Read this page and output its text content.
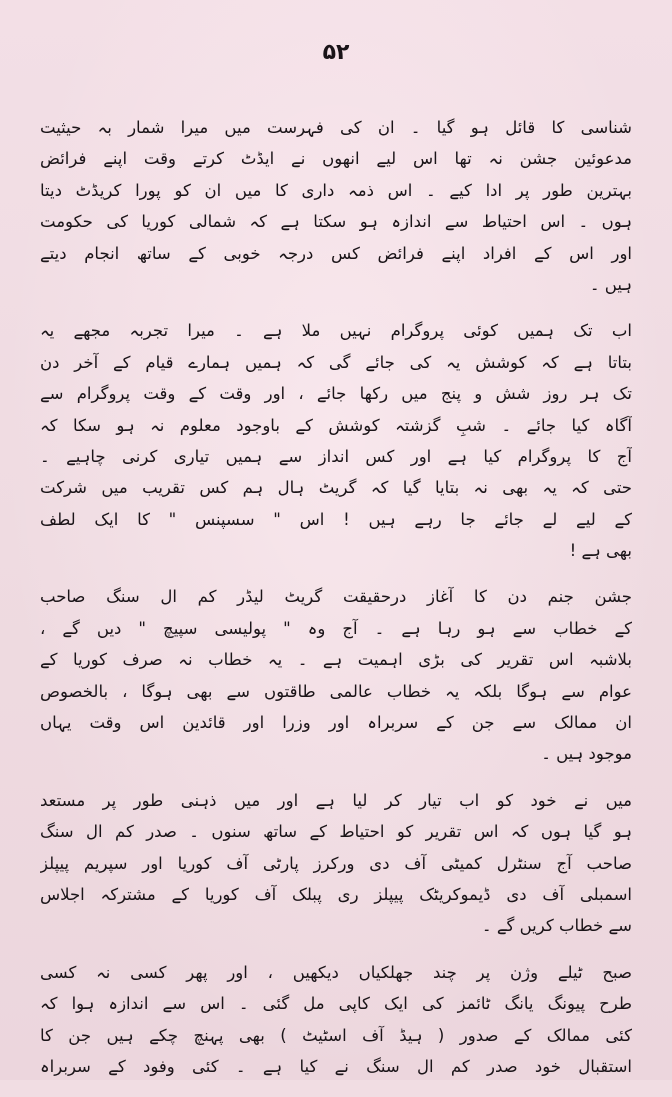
۵۲
شناسی کا قائل ہو گیا ۔ ان کی فہرست میں میرا شمار بہ حیثیت
مدعوئین جشن نہ تھا اس لیے انھوں نے ایڈٹ کرتے وقت اپنے فرائض
بہترین طور پر ادا کیے ۔ اس ذمہ داری کا میں ان کو پورا کریڈٹ دیتا
ہوں ۔ اس احتیاط سے اندازہ ہو سکتا ہے کہ شمالی کوریا کی حکومت
اور اس کے افراد اپنے فرائض کس درجہ خوبی کے ساتھ انجام دیتے
ہیں ۔
اب تک ہمیں کوئی پروگرام نہیں ملا ہے ۔ میرا تجربہ مجھے یہ
بتاتا ہے کہ کوشش یہ کی جائے گی کہ ہمیں ہمارے قیام کے آخر دن
تک ہر روز شش و پنج میں رکھا جائے ، اور وقت کے وقت پروگرام سے
آگاہ کیا جائے ۔ شبِ گزشتہ کوشش کے باوجود معلوم نہ ہو سکا کہ
آج کا پروگرام کیا ہے اور کس انداز سے ہمیں تیاری کرنی چاہیے ۔
حتی کہ یہ بھی نہ بتایا گیا کہ گریٹ ہال ہم کس تقریب میں شرکت
کے لیے لے جائے جا رہے ہیں ! اس " سسپنس " کا ایک لطف
بھی ہے !
جشن جنم دن کا آغاز درحقیقت گریٹ لیڈر کم ال سنگ صاحب
کے خطاب سے ہو رہا ہے ۔ آج وہ " پولیسی سپیچ " دیں گے ،
بلاشبہ اس تقریر کی بڑی اہمیت ہے ۔ یہ خطاب نہ صرف کوریا کے
عوام سے ہوگا بلکہ یہ خطاب عالمی طاقتوں سے بھی ہوگا ، بالخصوص
ان ممالک سے جن کے سربراہ اور وزرا اور قائدین اس وقت یہاں
موجود ہیں ۔
میں نے خود کو اب تیار کر لیا ہے اور میں ذہنی طور پر مستعد
ہو گیا ہوں کہ اس تقریر کو احتیاط کے ساتھ سنوں ۔ صدر کم ال سنگ
صاحب آج سنٹرل کمیٹی آف دی ورکرز پارٹی آف کوریا اور سپریم پیپلز
اسمبلی آف دی ڈیموکریٹک پیپلز ری پبلک آف کوریا کے مشترکہ اجلاس
سے خطاب کریں گے ۔
صبح ٹیلے وژن پر چند جھلکیاں دیکھیں ، اور پھر کسی نہ کسی
طرح پیونگ یانگ ٹائمز کی ایک کاپی مل گئی ۔ اس سے اندازہ ہوا کہ
کئی ممالک کے صدور ( ہیڈ آف اسٹیٹ ) بھی پہنچ چکے ہیں جن کا
استقبال خود صدر کم ال سنگ نے کیا ہے ۔ کئی وفود کے سربراہ
